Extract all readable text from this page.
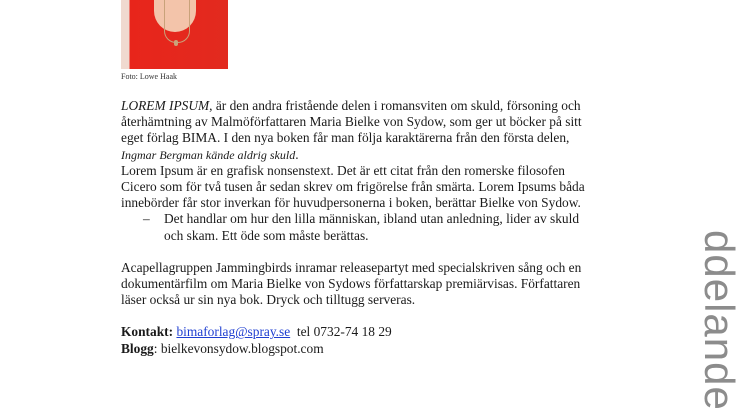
Foto: Lowe Haak
ddelande

LOREM IPSUM, är den andra fristående delen i romansviten om skuld, försoning och återhämtning av Malmöförfattaren Maria Bielke von Sydow, som ger ut böcker på sitt eget förlag BIMA. I den nya boken får man följa karaktärerna från den första delen, Ingmar Bergman kände aldrig skuld.

Lorem Ipsum är en grafisk nonsenstext. Det är ett citat från den romerske filosofen Cicero som för två tusen år sedan skrev om frigörelse från smärta. Lorem Ipsums båda innebörder får stor inverkan för huvudpersonerna i boken, berättar Bielke von Sydow.

– Det handlar om hur den lilla människan, ibland utan anledning, lider av skuld och skam. Ett öde som måste berättas.

Acapellagruppen Jammingbirds inramar releasepartyt med specialskriven sång och en dokumentärfilm om Maria Bielke von Sydows författarskap premiärvisas. Författaren läser också ur sin nya bok. Dryck och tilltugg serveras.

Kontakt: bimaforlag@spray.se tel 0732-74 18 29

Blogg: bielkevonsydow.blogspot.com
